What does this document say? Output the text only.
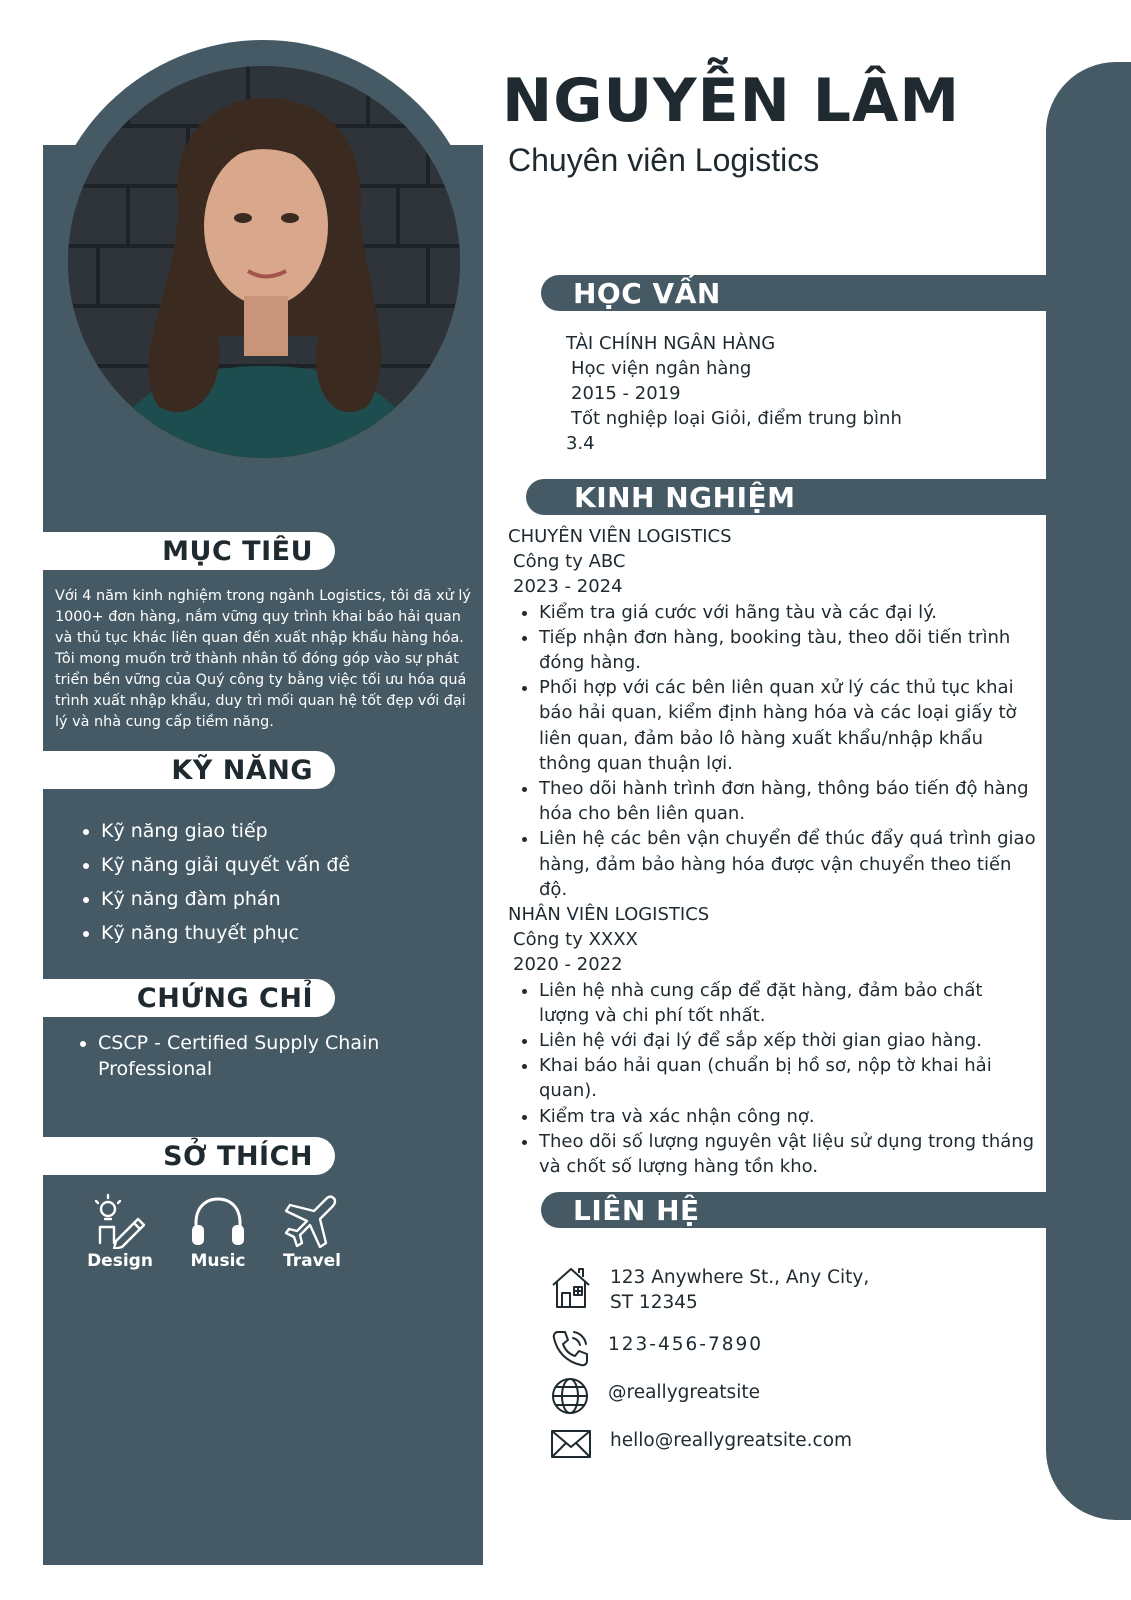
NGUYỄN LÂM
Chuyên viên Logistics
MỤC TIÊU
Với 4 năm kinh nghiệm trong ngành Logistics, tôi đã xử lý 1000+ đơn hàng, nắm vững quy trình khai báo hải quan và thủ tục khác liên quan đến xuất nhập khẩu hàng hóa. Tôi mong muốn trở thành nhân tố đóng góp vào sự phát triển bền vững của Quý công ty bằng việc tối ưu hóa quá trình xuất nhập khẩu, duy trì mối quan hệ tốt đẹp với đại lý và nhà cung cấp tiềm năng.
KỸ NĂNG
• Kỹ năng giao tiếp
• Kỹ năng giải quyết vấn đề
• Kỹ năng đàm phán
• Kỹ năng thuyết phục
CHỨNG CHỈ
• CSCP - Certified Supply Chain Professional
SỞ THÍCH
Design	Music	Travel
HỌC VẤN
TÀI CHÍNH NGÂN HÀNG
Học viện ngân hàng
2015 - 2019
Tốt nghiệp loại Giỏi, điểm trung bình
3.4
KINH NGHIỆM
CHUYÊN VIÊN LOGISTICS
Công ty ABC
2023 - 2024
• Kiểm tra giá cước với hãng tàu và các đại lý.
• Tiếp nhận đơn hàng, booking tàu, theo dõi tiến trình đóng hàng.
• Phối hợp với các bên liên quan xử lý các thủ tục khai báo hải quan, kiểm định hàng hóa và các loại giấy tờ liên quan, đảm bảo lô hàng xuất khẩu/nhập khẩu thông quan thuận lợi.
• Theo dõi hành trình đơn hàng, thông báo tiến độ hàng hóa cho bên liên quan.
• Liên hệ các bên vận chuyển để thúc đẩy quá trình giao hàng, đảm bảo hàng hóa được vận chuyển theo tiến độ.
NHÂN VIÊN LOGISTICS
Công ty XXXX
2020 - 2022
• Liên hệ nhà cung cấp để đặt hàng, đảm bảo chất lượng và chi phí tốt nhất.
• Liên hệ với đại lý để sắp xếp thời gian giao hàng.
• Khai báo hải quan (chuẩn bị hồ sơ, nộp tờ khai hải quan).
• Kiểm tra và xác nhận công nợ.
• Theo dõi số lượng nguyên vật liệu sử dụng trong tháng và chốt số lượng hàng tồn kho.
LIÊN HỆ
123 Anywhere St., Any City,
ST 12345
123-456-7890
@reallygreatsite
hello@reallygreatsite.com
